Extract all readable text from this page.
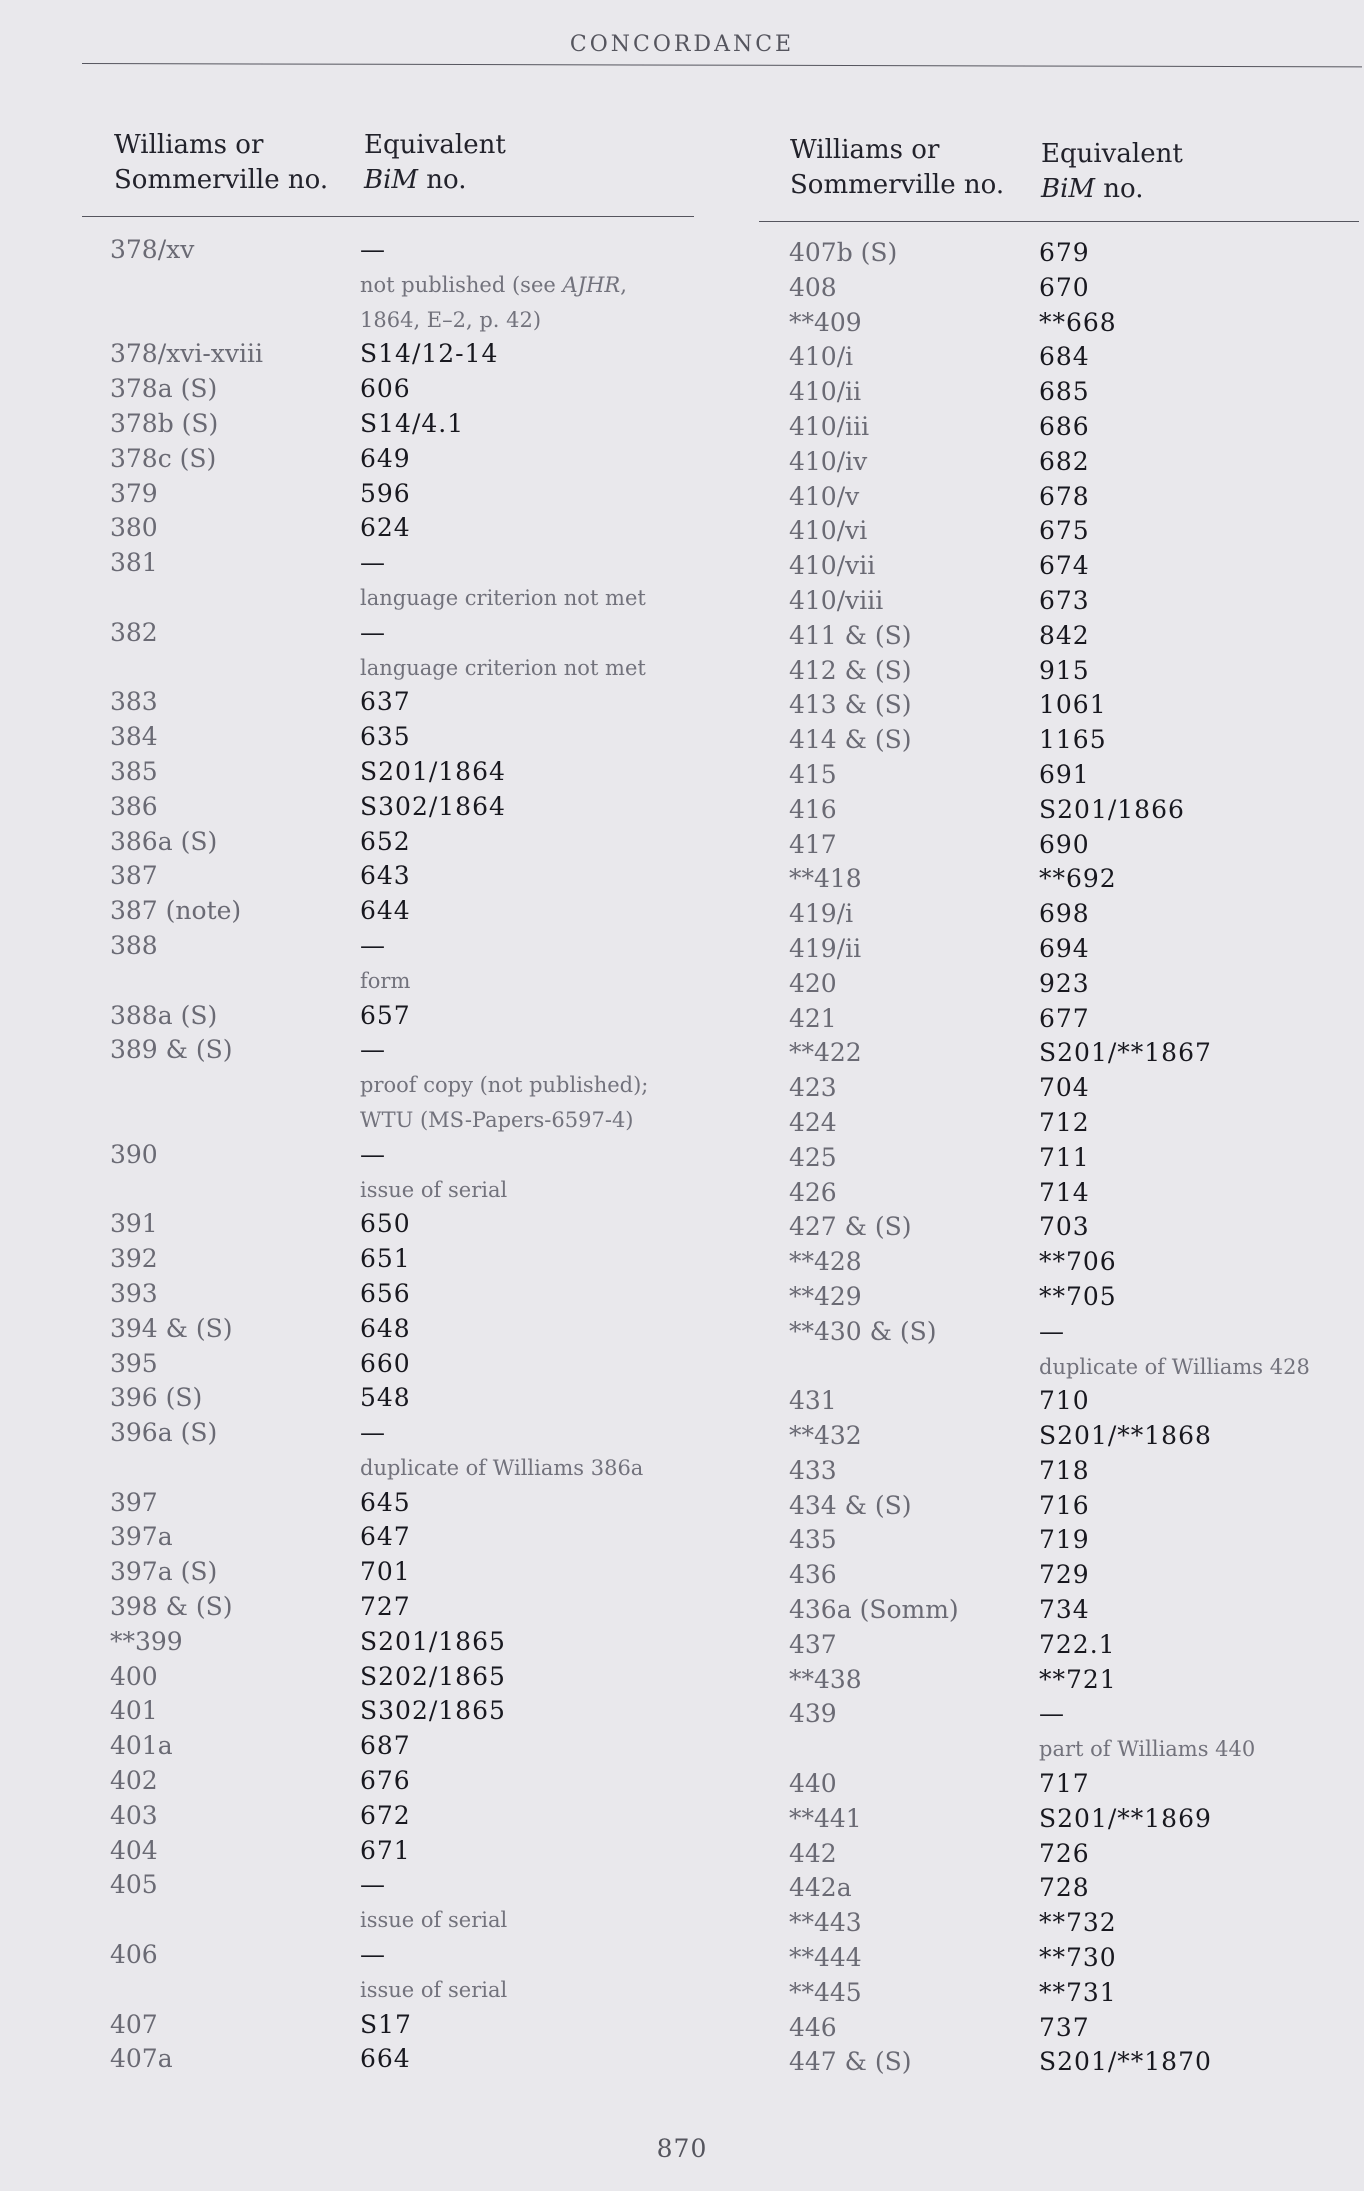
CONCORDANCE
Williams or
Sommerville no.
Equivalent
BiM no.
Williams or
Sommerville no.
Equivalent
BiM no.
378/xv	—
not published (see AJHR,
1864, E–2, p. 42)
378/xvi-xviii	S14/12-14
378a (S)	606
378b (S)	S14/4.1
378c (S)	649
379	596
380	624
381	—
language criterion not met
382	—
language criterion not met
383	637
384	635
385	S201/1864
386	S302/1864
386a (S)	652
387	643
387 (note)	644
388	—
form
388a (S)	657
389 & (S)	—
proof copy (not published);
WTU (MS-Papers-6597-4)
390	—
issue of serial
391	650
392	651
393	656
394 & (S)	648
395	660
396 (S)	548
396a (S)	—
duplicate of Williams 386a
397	645
397a	647
397a (S)	701
398 & (S)	727
**399	S201/1865
400	S202/1865
401	S302/1865
401a	687
402	676
403	672
404	671
405	—
issue of serial
406	—
issue of serial
407	S17
407a	664
407b (S)	679
408	670
**409	**668
410/i	684
410/ii	685
410/iii	686
410/iv	682
410/v	678
410/vi	675
410/vii	674
410/viii	673
411 & (S)	842
412 & (S)	915
413 & (S)	1061
414 & (S)	1165
415	691
416	S201/1866
417	690
**418	**692
419/i	698
419/ii	694
420	923
421	677
**422	S201/**1867
423	704
424	712
425	711
426	714
427 & (S)	703
**428	**706
**429	**705
**430 & (S)	—
duplicate of Williams 428
431	710
**432	S201/**1868
433	718
434 & (S)	716
435	719
436	729
436a (Somm)	734
437	722.1
**438	**721
439	—
part of Williams 440
440	717
**441	S201/**1869
442	726
442a	728
**443	**732
**444	**730
**445	**731
446	737
447 & (S)	S201/**1870
870
